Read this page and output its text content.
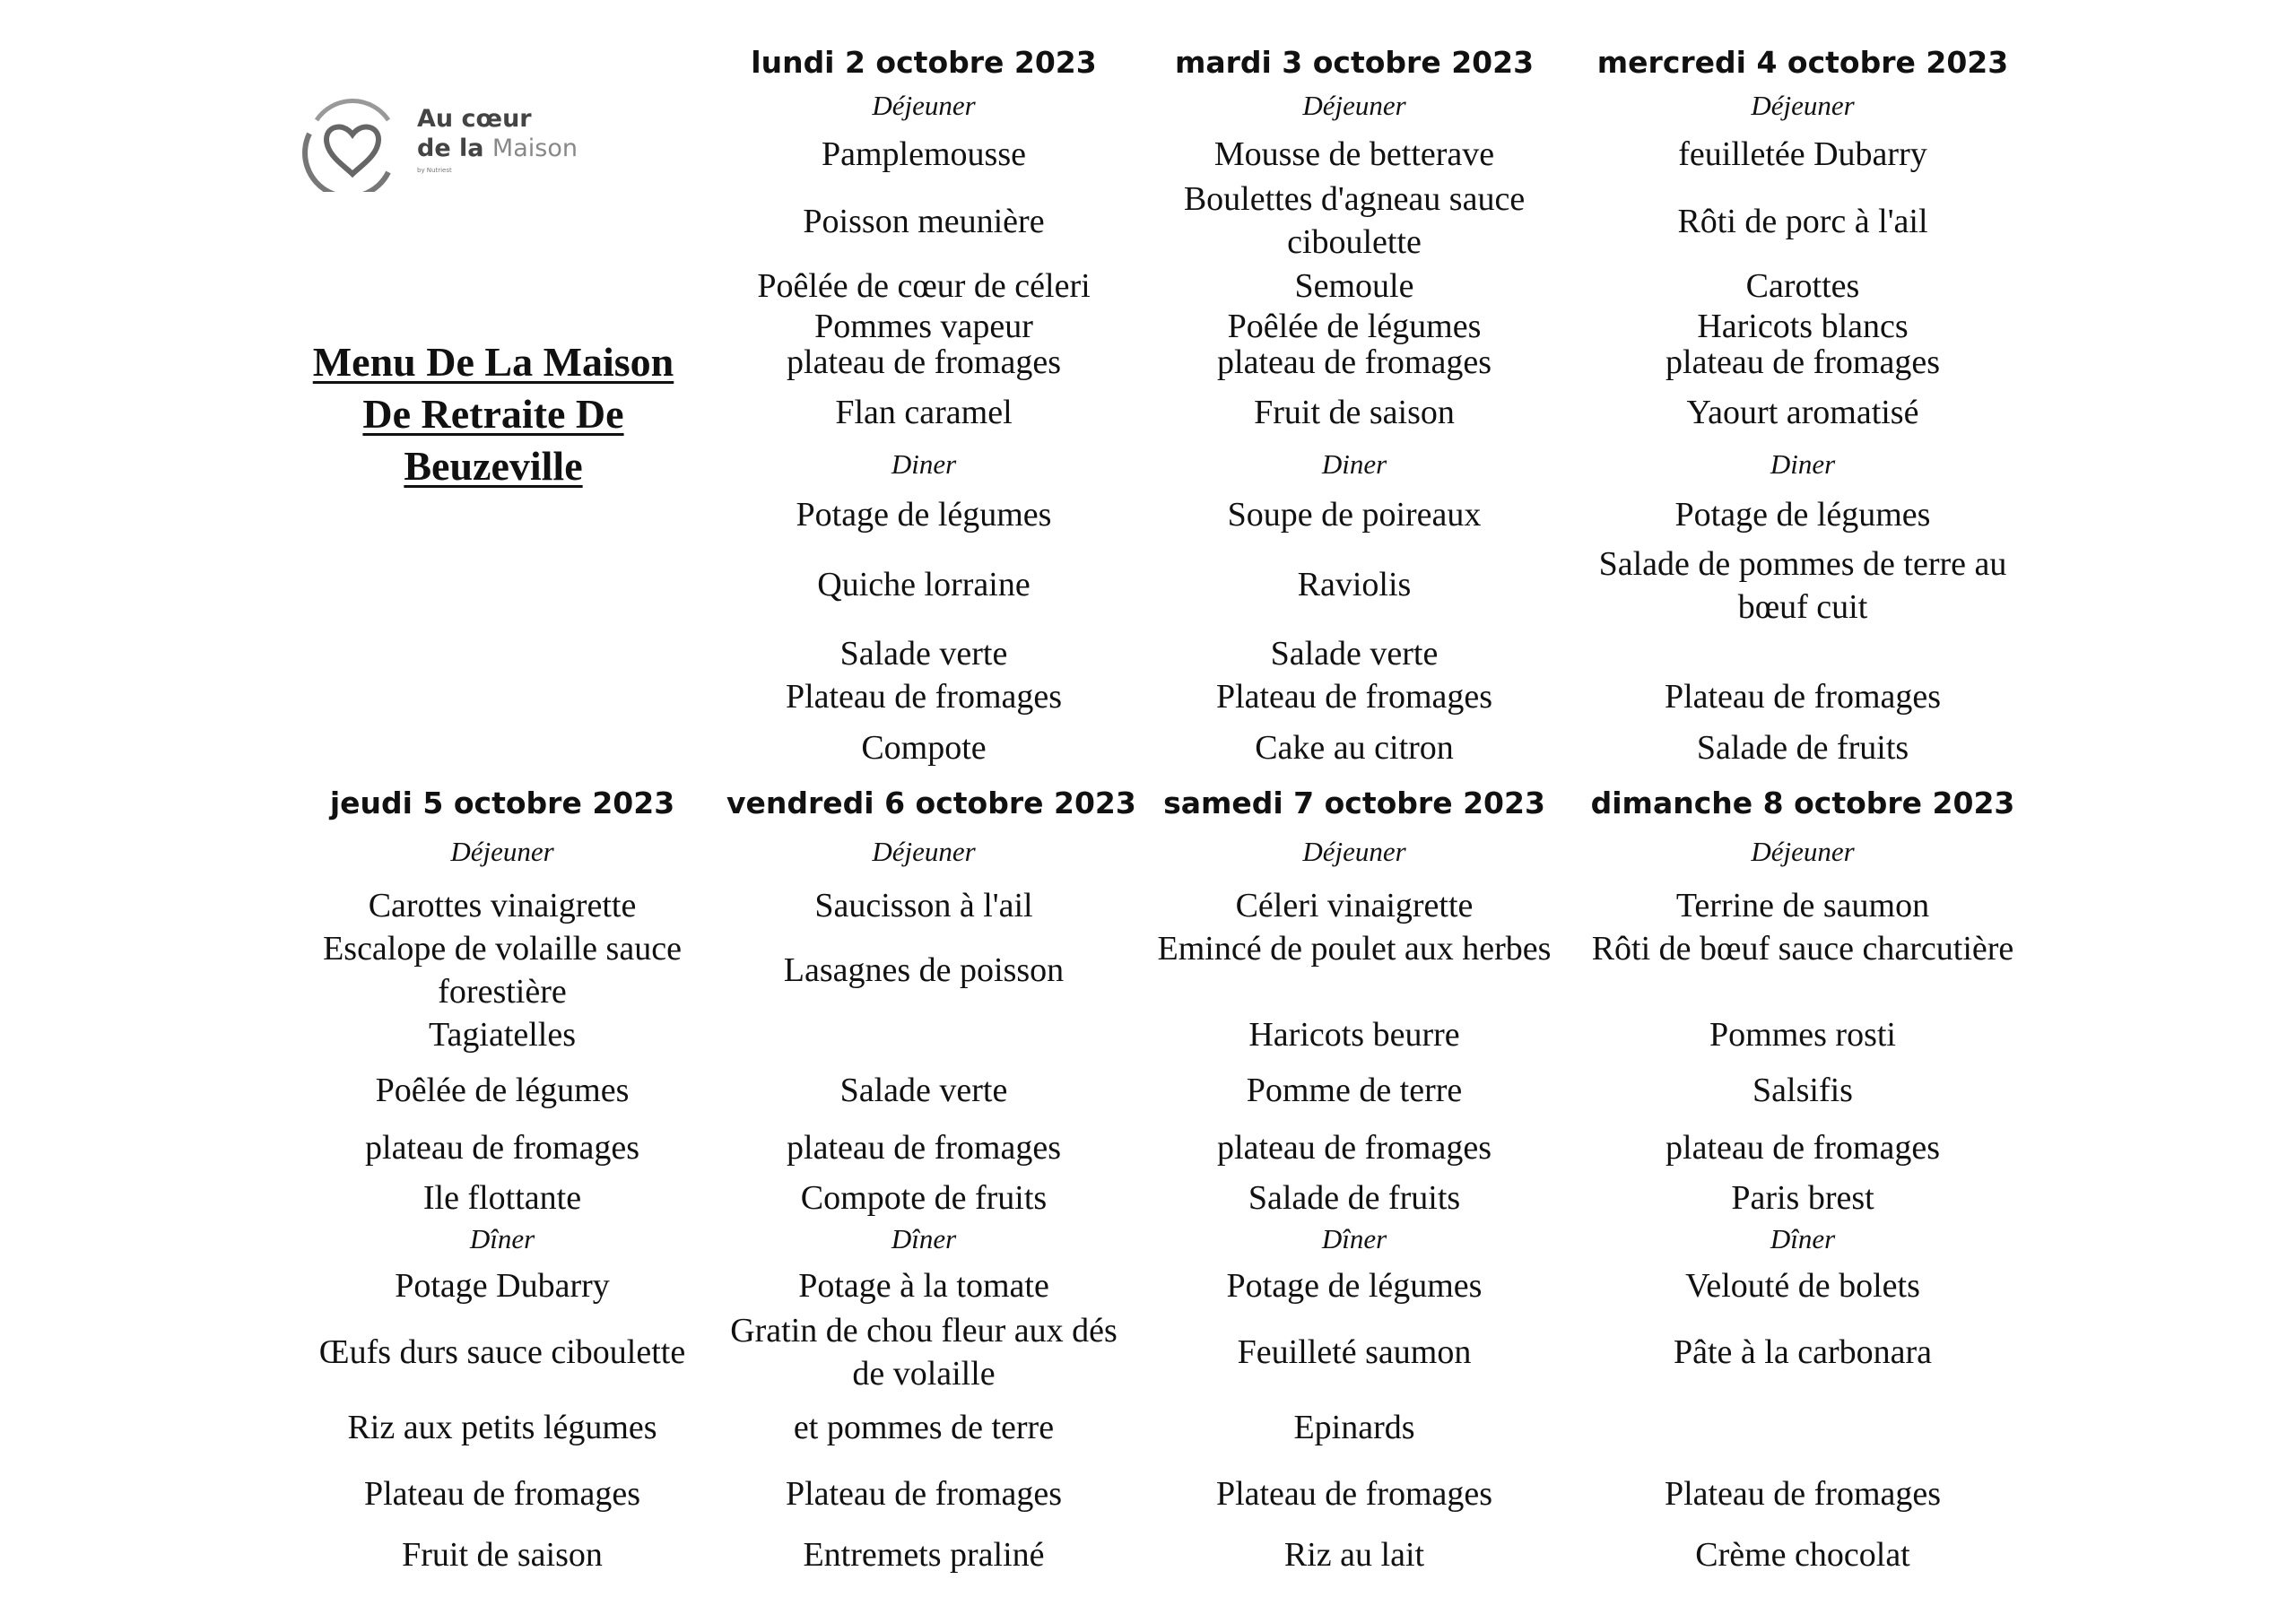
Au cœur
de la Maison
by Nutriest
Menu De La Maison
De Retraite De
Beuzeville
lundi 2 octobre 2023
Déjeuner
Pamplemousse
Poisson meunière
Poêlée de cœur de céleri
Pommes vapeur
plateau de fromages
Flan caramel
Diner
Potage de légumes
Quiche lorraine
Salade verte
Plateau de fromages
Compote
mardi 3 octobre 2023
Déjeuner
Mousse de betterave
Boulettes d'agneau sauce ciboulette
Semoule
Poêlée de légumes
plateau de fromages
Fruit de saison
Diner
Soupe de poireaux
Raviolis
Salade verte
Plateau de fromages
Cake au citron
mercredi 4 octobre 2023
Déjeuner
feuilletée Dubarry
Rôti de porc à l'ail
Carottes
Haricots blancs
plateau de fromages
Yaourt aromatisé
Diner
Potage de légumes
Salade de pommes de terre au bœuf cuit
Plateau de fromages
Salade de fruits
jeudi 5 octobre 2023
Déjeuner
Carottes vinaigrette
Escalope de volaille sauce forestière
Tagiatelles
Poêlée de légumes
plateau de fromages
Ile flottante
Dîner
Potage Dubarry
Œufs durs sauce ciboulette
Riz aux petits légumes
Plateau de fromages
Fruit de saison
vendredi 6 octobre 2023
Déjeuner
Saucisson à l'ail
Lasagnes de poisson
Salade verte
plateau de fromages
Compote de fruits
Dîner
Potage à la tomate
Gratin de chou fleur aux dés de volaille
et pommes de terre
Plateau de fromages
Entremets praliné
samedi 7 octobre 2023
Déjeuner
Céleri vinaigrette
Emincé de poulet aux herbes
Haricots beurre
Pomme de terre
plateau de fromages
Salade de fruits
Dîner
Potage de légumes
Feuilleté saumon
Epinards
Plateau de fromages
Riz au lait
dimanche 8 octobre 2023
Déjeuner
Terrine de saumon
Rôti de bœuf sauce charcutière
Pommes rosti
Salsifis
plateau de fromages
Paris brest
Dîner
Velouté de bolets
Pâte à la carbonara
Plateau de fromages
Crème chocolat
